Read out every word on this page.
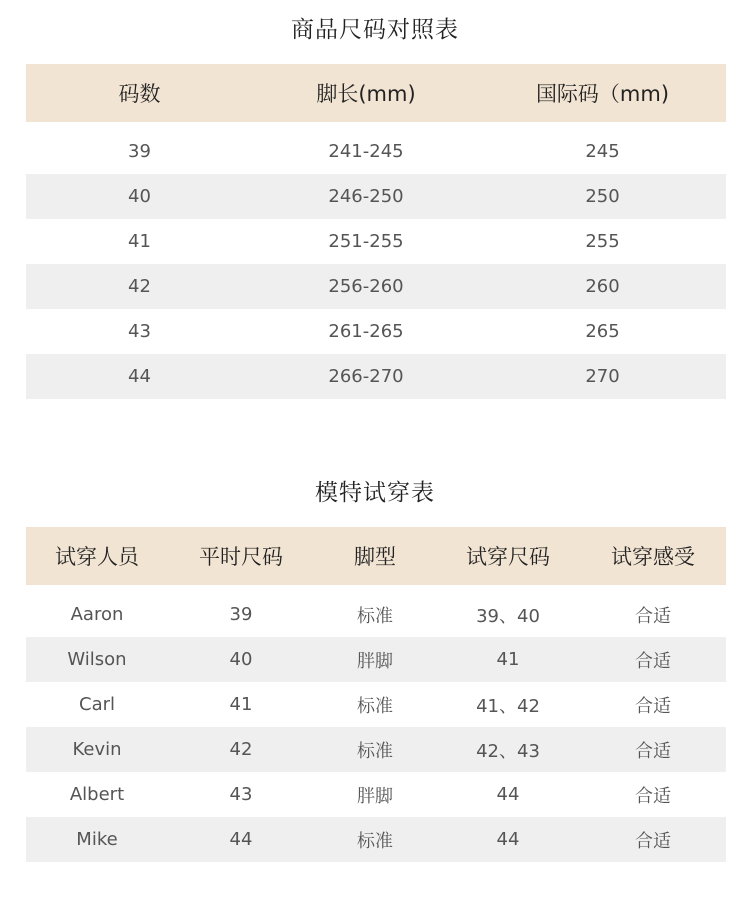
商品尺码对照表
码数	脚长(mm)	国际码（mm)
39	241-245	245
40	246-250	250
41	251-255	255
42	256-260	260
43	261-265	265
44	266-270	270
模特试穿表
试穿人员	平时尺码	脚型	试穿尺码	试穿感受
Aaron	39	标准	39、40	合适
Wilson	40	胖脚	41	合适
Carl	41	标准	41、42	合适
Kevin	42	标准	42、43	合适
Albert	43	胖脚	44	合适
Mike	44	标准	44	合适
